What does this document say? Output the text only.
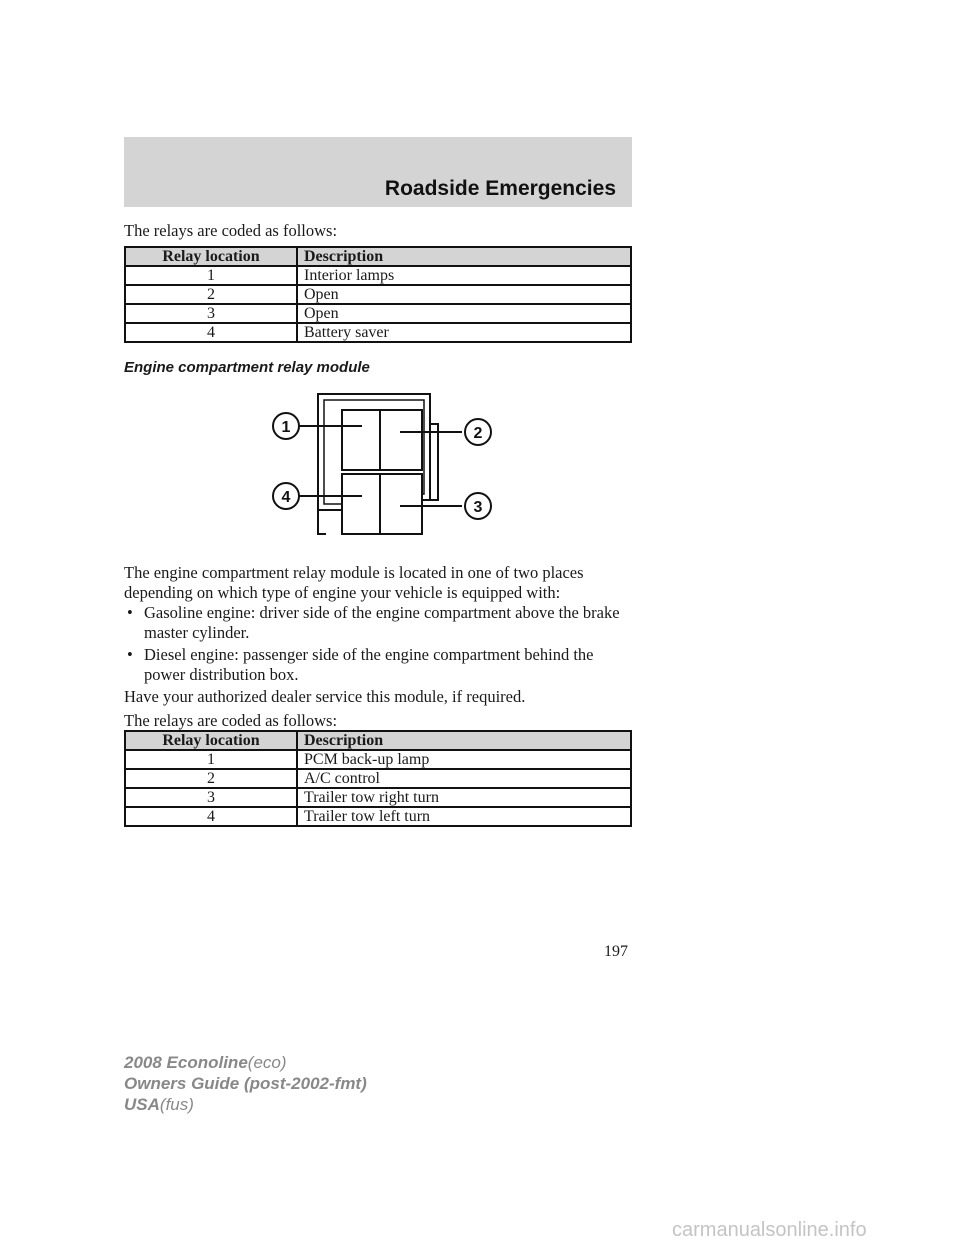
Roadside Emergencies

The relays are coded as follows:

Relay location	Description
1	Interior lamps
2	Open
3	Open
4	Battery saver
Engine compartment relay module
1	2
3
4

The engine compartment relay module is located in one of two places depending on which type of engine your vehicle is equipped with:

• Gasoline engine: driver side of the engine compartment above the brake master cylinder.
• Diesel engine: passenger side of the engine compartment behind the power distribution box.

Have your authorized dealer service this module, if required.

The relays are coded as follows:

Relay location	Description
1	PCM back-up lamp
2	A/C control
3	Trailer tow right turn
4	Trailer tow left turn
197
2008 Econoline(eco)
Owners Guide (post-2002-fmt)
USA(fus)
carmanualsonline.info
